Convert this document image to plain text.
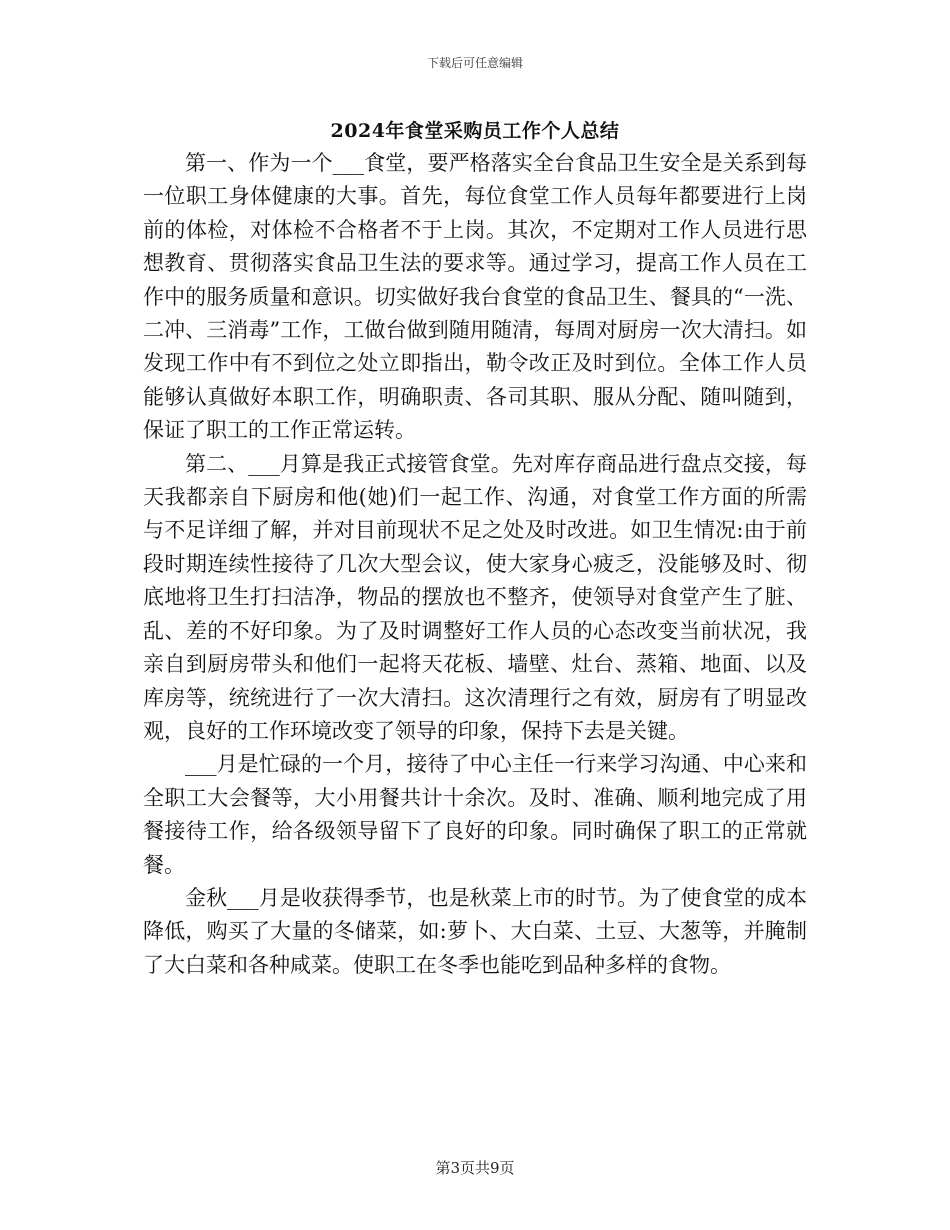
下载后可任意编辑
2024年食堂采购员工作个人总结

第一、作为一个___食堂，要严格落实全台食品卫生安全是关系到每一位职工身体健康的大事。首先，每位食堂工作人员每年都要进行上岗前的体检，对体检不合格者不于上岗。其次，不定期对工作人员进行思想教育、贯彻落实食品卫生法的要求等。通过学习，提高工作人员在工作中的服务质量和意识。切实做好我台食堂的食品卫生、餐具的“一洗、二冲、三消毒”工作，工做台做到随用随清，每周对厨房一次大清扫。如发现工作中有不到位之处立即指出，勒令改正及时到位。全体工作人员能够认真做好本职工作，明确职责、各司其职、服从分配、随叫随到，保证了职工的工作正常运转。

第二、___月算是我正式接管食堂。先对库存商品进行盘点交接，每天我都亲自下厨房和他(她)们一起工作、沟通，对食堂工作方面的所需与不足详细了解，并对目前现状不足之处及时改进。如卫生情况:由于前段时期连续性接待了几次大型会议，使大家身心疲乏，没能够及时、彻底地将卫生打扫洁净，物品的摆放也不整齐，使领导对食堂产生了脏、乱、差的不好印象。为了及时调整好工作人员的心态改变当前状况，我亲自到厨房带头和他们一起将天花板、墙壁、灶台、蒸箱、地面、以及库房等，统统进行了一次大清扫。这次清理行之有效，厨房有了明显改观，良好的工作环境改变了领导的印象，保持下去是关键。

___月是忙碌的一个月，接待了中心主任一行来学习沟通、中心来和全职工大会餐等，大小用餐共计十余次。及时、准确、顺利地完成了用餐接待工作，给各级领导留下了良好的印象。同时确保了职工的正常就餐。

金秋___月是收获得季节，也是秋菜上市的时节。为了使食堂的成本降低，购买了大量的冬储菜，如:萝卜、大白菜、土豆、大葱等，并腌制了大白菜和各种咸菜。使职工在冬季也能吃到品种多样的食物。

第3页共9页
